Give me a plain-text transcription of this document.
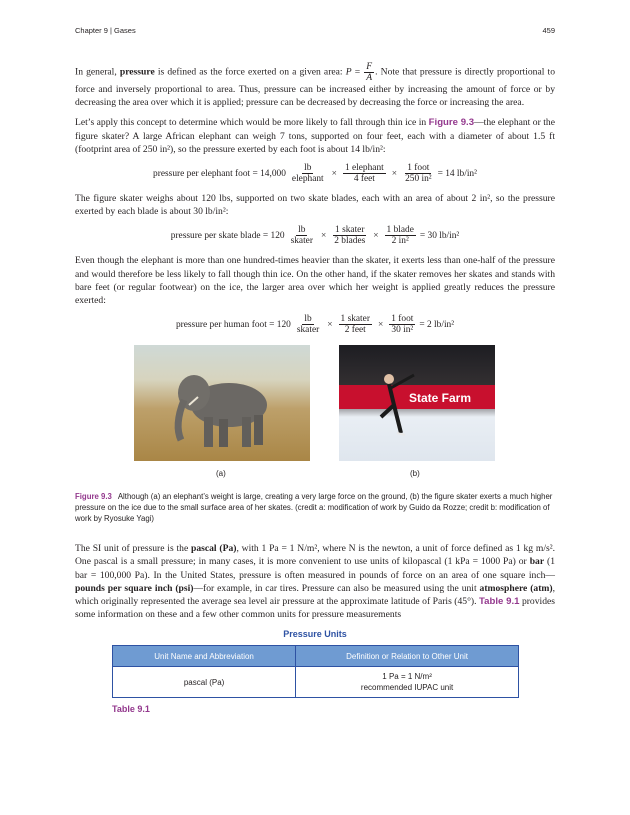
Chapter 9 | Gases	459

In general, pressure is defined as the force exerted on a given area: $P = \frac{F}{A}$ . Note that pressure is directly proportional to force and inversely proportional to area. Thus, pressure can be increased either by increasing the amount of force or by decreasing the area over which it is applied; pressure can be decreased by decreasing the force or increasing the area.

Let’s apply this concept to determine which would be more likely to fall through thin ice in Figure 9.3—the elephant or the figure skater? A large African elephant can weigh 7 tons, supported on four feet, each with a diameter of about 1.5 ft (footprint area of 250 in²), so the pressure exerted by each foot is about 14 lb/in²:

pressure per elephant foot = $14,000 \frac{lb}{\text{elephant}} \times \frac{\text{1 elephant}}{\text{4 feet}} \times \frac{\text{1 foot}}{\text{250 in²}} = 14$ lb/in²

The figure skater weighs about 120 lbs, supported on two skate blades, each with an area of about 2 in², so the pressure exerted by each blade is about 30 lb/in²:

pressure per skate blade = $120 \frac{lb}{\text{skater}} \times \frac{\text{1 skater}}{\text{2 blades}} \times \frac{\text{1 blade}}{\text{2 in²}} = 30$ lb/in²

Even though the elephant is more than one hundred-times heavier than the skater, it exerts less than one-half of the pressure and would therefore be less likely to fall though thin ice. On the other hand, if the skater removes her skates and stands with bare feet (or regular footwear) on the ice, the larger area over which her weight is applied greatly reduces the pressure exerted:

pressure per human foot = $120 \frac{lb}{\text{skater}} \times \frac{\text{1 skater}}{\text{2 feet}} \times \frac{\text{1 foot}}{\text{30 in²}} = 2$ lb/in²
State Farm
(a)	(b)
Figure 9.3 Although (a) an elephant’s weight is large, creating a very large force on the ground, (b) the figure skater exerts a much higher pressure on the ice due to the small surface area of her skates. (credit a: modification of work by Guido da Rozze; credit b: modification of work by Ryosuke Yagi)

The SI unit of pressure is the pascal (Pa), with 1 Pa = 1 N/m², where N is the newton, a unit of force defined as 1 kg m/s². One pascal is a small pressure; in many cases, it is more convenient to use units of kilopascal (1 kPa = 1000 Pa) or bar (1 bar = 100,000 Pa). In the United States, pressure is often measured in pounds of force on an area of one square inch—pounds per square inch (psi)—for example, in car tires. Pressure can also be measured using the unit atmosphere (atm), which originally represented the average sea level air pressure at the approximate latitude of Paris (45°). Table 9.1 provides some information on these and a few other common units for pressure measurements

Pressure Units
Unit Name and Abbreviation	Definition or Relation to Other Unit
pascal (Pa)	1 Pa = 1 N/m²
recommended IUPAC unit
Table 9.1
